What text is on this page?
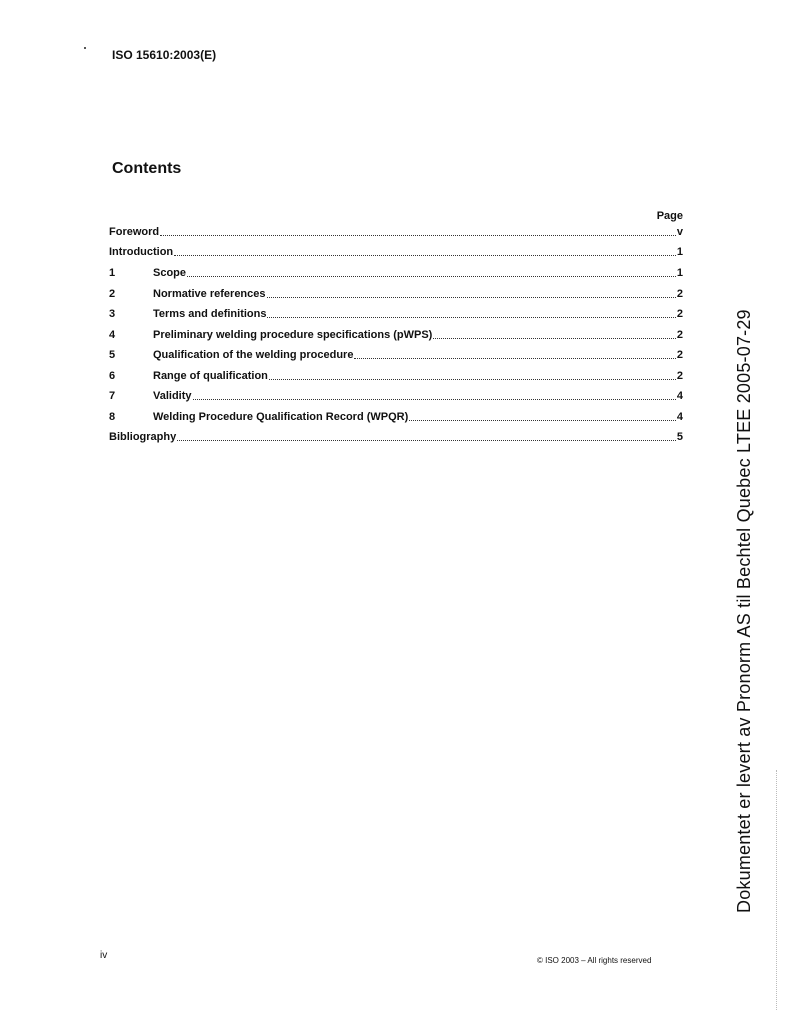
ISO 15610:2003(E)
Contents
Page
Foreword	v
Introduction	1
1	Scope	1
2	Normative references	2
3	Terms and definitions	2
4	Preliminary welding procedure specifications (pWPS)	2
5	Qualification of the welding procedure	2
6	Range of qualification	2
7	Validity	4
8	Welding Procedure Qualification Record (WPQR)	4
Bibliography	5
iv	© ISO 2003 – All rights reserved
Dokumentet er levert av Pronorm AS til Bechtel Quebec LTEE 2005-07-29
